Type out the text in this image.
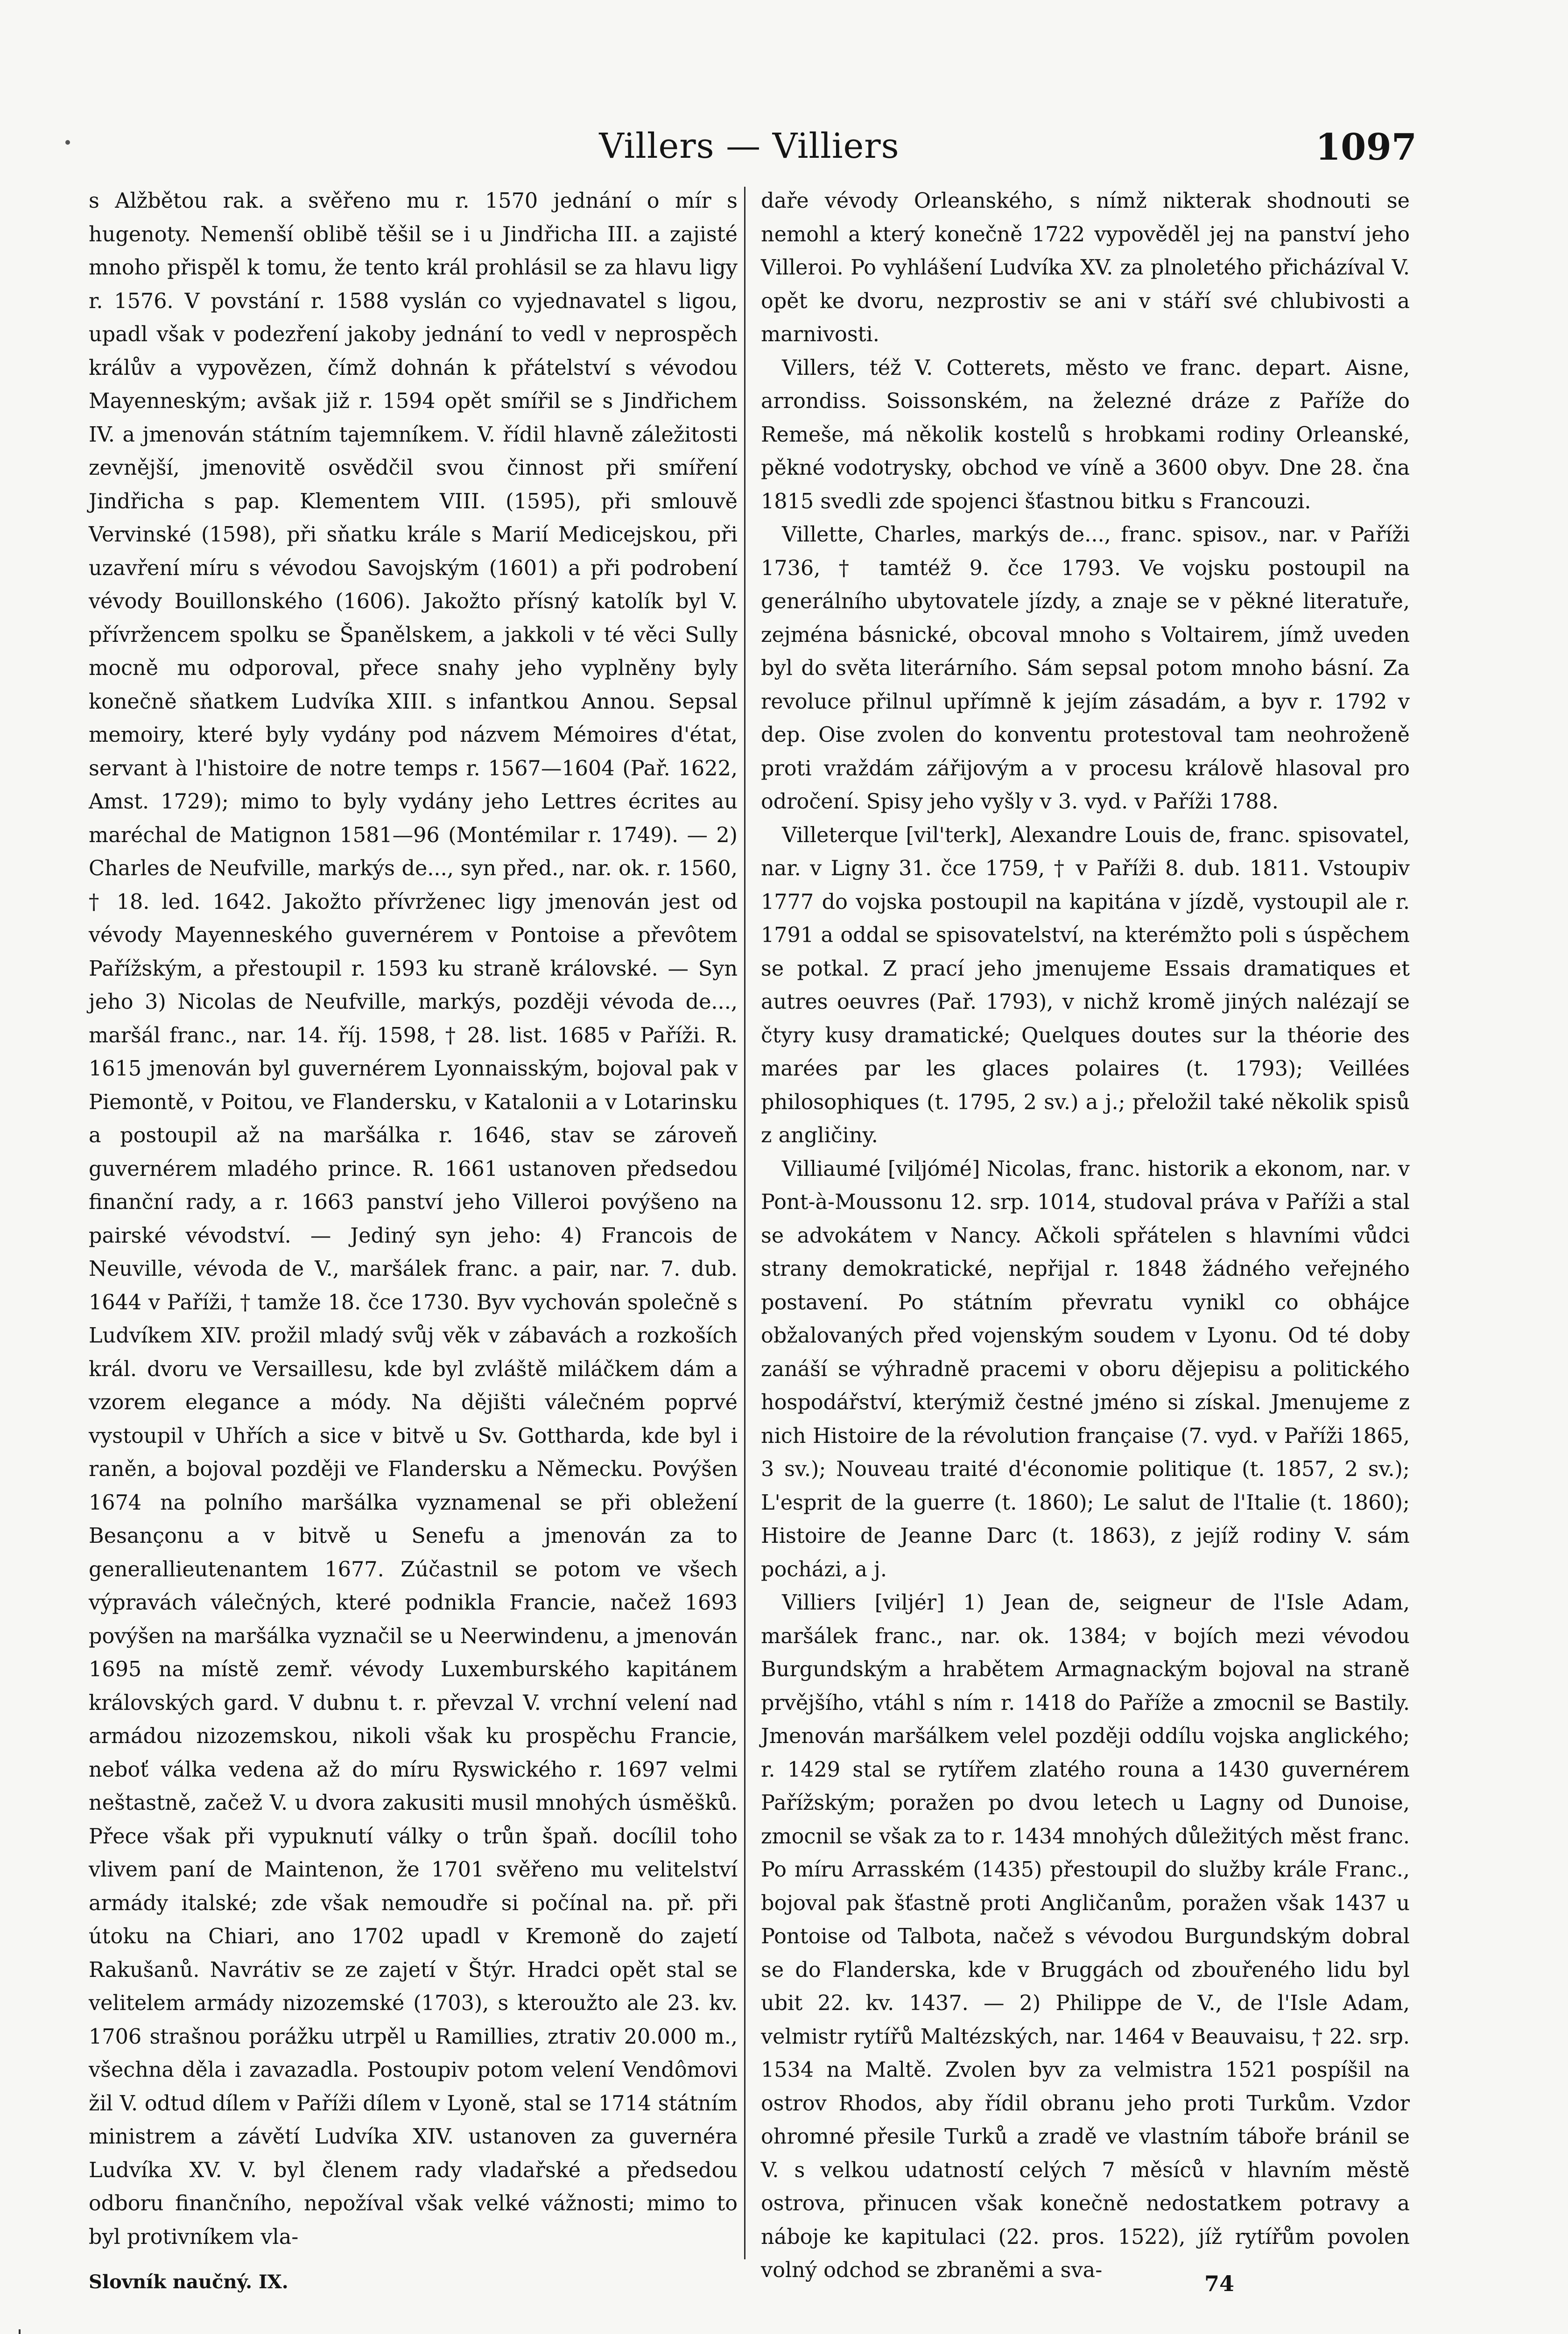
Villers — Villiers	1097

s Alžbětou rak. a svěřeno mu r. 1570 jednání o mír s hugenoty. Nemenší oblibě těšil se i u Jindřicha III. a zajisté mnoho přispěl k tomu, že tento král prohlásil se za hlavu ligy r. 1576. V povstání r. 1588 vyslán co vyjednavatel s ligou, upadl však v podezření jakoby jednání to vedl v neprospěch králův a vypovězen, čímž dohnán k přátelství s vévodou Mayenneským; avšak již r. 1594 opět smířil se s Jindřichem IV. a jmenován státním tajemníkem. V. řídil hlavně záležitosti zevnější, jmenovitě osvědčil svou činnost při smíření Jindřicha s pap. Klementem VIII. (1595), při smlouvě Vervinské (1598), při sňatku krále s Marií Medicejskou, při uzavření míru s vévodou Savojským (1601) a při podrobení vévody Bouillonského (1606). Jakožto přísný katolík byl V. přívržencem spolku se Španělskem, a jakkoli v té věci Sully mocně mu odporoval, přece snahy jeho vyplněny byly konečně sňatkem Ludvíka XIII. s infantkou Annou. Sepsal memoiry, které byly vydány pod názvem Mémoires d'état, servant à l'histoire de notre temps r. 1567—1604 (Pař. 1622, Amst. 1729); mimo to byly vydány jeho Lettres écrites au maréchal de Matignon 1581—96 (Montémilar r. 1749). — 2) Charles de Neufville, markýs de..., syn před., nar. ok. r. 1560, † 18. led. 1642. Jakožto přívrženec ligy jmenován jest od vévody Mayenneského guvernérem v Pontoise a převôtem Pařížským, a přestoupil r. 1593 ku straně královské. — Syn jeho 3) Nicolas de Neufville, markýs, později vévoda de..., maršál franc., nar. 14. říj. 1598, † 28. list. 1685 v Paříži. R. 1615 jmenován byl guvernérem Lyonnaisským, bojoval pak v Piemontě, v Poitou, ve Flandersku, v Katalonii a v Lotarinsku a postoupil až na maršálka r. 1646, stav se zároveň guvernérem mladého prince. R. 1661 ustanoven předsedou finanční rady, a r. 1663 panství jeho Villeroi povýšeno na pairské vévodství. — Jediný syn jeho: 4) Francois de Neuville, vévoda de V., maršálek franc. a pair, nar. 7. dub. 1644 v Paříži, † tamže 18. čce 1730. Byv vychován společně s Ludvíkem XIV. prožil mladý svůj věk v zábavách a rozkoších král. dvoru ve Versaillesu, kde byl zvláště miláčkem dám a vzorem elegance a módy. Na dějišti válečném poprvé vystoupil v Uhřích a sice v bitvě u Sv. Gottharda, kde byl i raněn, a bojoval později ve Flandersku a Německu. Povýšen 1674 na polního maršálka vyznamenal se při obležení Besançonu a v bitvě u Senefu a jmenován za to generallieutenantem 1677. Zúčastnil se potom ve všech výpravách válečných, které podnikla Francie, načež 1693 povýšen na maršálka vyznačil se u Neerwindenu, a jmenován 1695 na místě zemř. vévody Luxemburského kapitánem královských gard. V dubnu t. r. převzal V. vrchní velení nad armádou nizozemskou, nikoli však ku prospěchu Francie, neboť válka vedena až do míru Ryswického r. 1697 velmi neštastně, začež V. u dvora zakusiti musil mnohých úsměšků. Přece však při vypuknutí války o trůn špaň. docílil toho vlivem paní de Maintenon, že 1701 svěřeno mu velitelství armády italské; zde však nemoudře si počínal na. př. při útoku na Chiari, ano 1702 upadl v Kremoně do zajetí Rakušanů. Navrátiv se ze zajetí v Štýr. Hradci opět stal se velitelem armády nizozemské (1703), s kteroužto ale 23. kv. 1706 strašnou porážku utrpěl u Ramillies, ztrativ 20.000 m., všechna děla i zavazadla. Postoupiv potom velení Vendômovi žil V. odtud dílem v Paříži dílem v Lyoně, stal se 1714 státním ministrem a závětí Ludvíka XIV. ustanoven za guvernéra Ludvíka XV. V. byl členem rady vladařské a předsedou odboru finančního, nepožíval však velké vážnosti; mimo to byl protivníkem vla-

daře vévody Orleanského, s nímž nikterak shodnouti se nemohl a který konečně 1722 vypověděl jej na panství jeho Villeroi. Po vyhlášení Ludvíka XV. za plnoletého přicházíval V. opět ke dvoru, nezprostiv se ani v stáří své chlubivosti a marnivosti.

Villers, též V. Cotterets, město ve franc. depart. Aisne, arrondiss. Soissonském, na železné dráze z Paříže do Remeše, má několik kostelů s hrobkami rodiny Orleanské, pěkné vodotrysky, obchod ve víně a 3600 obyv. Dne 28. čna 1815 svedli zde spojenci šťastnou bitku s Francouzi.

Villette, Charles, markýs de..., franc. spisov., nar. v Paříži 1736, † tamtéž 9. čce 1793. Ve vojsku postoupil na generálního ubytovatele jízdy, a znaje se v pěkné literatuře, zejména básnické, obcoval mnoho s Voltairem, jímž uveden byl do světa literárního. Sám sepsal potom mnoho básní. Za revoluce přilnul upřímně k jejím zásadám, a byv r. 1792 v dep. Oise zvolen do konventu protestoval tam neohroženě proti vraždám zářijovým a v procesu králově hlasoval pro odročení. Spisy jeho vyšly v 3. vyd. v Paříži 1788.

Villeterque [vil'terk], Alexandre Louis de, franc. spisovatel, nar. v Ligny 31. čce 1759, † v Paříži 8. dub. 1811. Vstoupiv 1777 do vojska postoupil na kapitána v jízdě, vystoupil ale r. 1791 a oddal se spisovatelství, na kterémžto poli s úspěchem se potkal. Z prací jeho jmenujeme Essais dramatiques et autres oeuvres (Pař. 1793), v nichž kromě jiných nalézají se čtyry kusy dramatické; Quelques doutes sur la théorie des marées par les glaces polaires (t. 1793); Veillées philosophiques (t. 1795, 2 sv.) a j.; přeložil také několik spisů z angličiny.

Villiaumé [viljómé] Nicolas, franc. historik a ekonom, nar. v Pont-à-Moussonu 12. srp. 1014, studoval práva v Paříži a stal se advokátem v Nancy. Ačkoli spřátelen s hlavními vůdci strany demokratické, nepřijal r. 1848 žádného veřejného postavení. Po státním převratu vynikl co obhájce obžalovaných před vojenským soudem v Lyonu. Od té doby zanáší se výhradně pracemi v oboru dějepisu a politického hospodářství, kterýmiž čestné jméno si získal. Jmenujeme z nich Histoire de la révolution française (7. vyd. v Paříži 1865, 3 sv.); Nouveau traité d'économie politique (t. 1857, 2 sv.); L'esprit de la guerre (t. 1860); Le salut de l'Italie (t. 1860); Histoire de Jeanne Darc (t. 1863), z jejíž rodiny V. sám pocházi, a j.

Villiers [viljér] 1) Jean de, seigneur de l'Isle Adam, maršálek franc., nar. ok. 1384; v bojích mezi vévodou Burgundským a hrabětem Armagnackým bojoval na straně prvějšího, vtáhl s ním r. 1418 do Paříže a zmocnil se Bastily. Jmenován maršálkem velel později oddílu vojska anglického; r. 1429 stal se rytířem zlatého rouna a 1430 guvernérem Pařížským; poražen po dvou letech u Lagny od Dunoise, zmocnil se však za to r. 1434 mnohých důležitých měst franc. Po míru Arrasském (1435) přestoupil do služby krále Franc., bojoval pak šťastně proti Angličanům, poražen však 1437 u Pontoise od Talbota, načež s vévodou Burgundským dobral se do Flanderska, kde v Bruggách od zbouřeného lidu byl ubit 22. kv. 1437. — 2) Philippe de V., de l'Isle Adam, velmistr rytířů Maltézských, nar. 1464 v Beauvaisu, † 22. srp. 1534 na Maltě. Zvolen byv za velmistra 1521 pospíšil na ostrov Rhodos, aby řídil obranu jeho proti Turkům. Vzdor ohromné přesile Turků a zradě ve vlastním táboře bránil se V. s velkou udatností celých 7 měsíců v hlavním městě ostrova, přinucen však konečně nedostatkem potravy a náboje ke kapitulaci (22. pros. 1522), jíž rytířům povolen volný odchod se zbraněmi a sva-

Slovník naučný. IX.	74
